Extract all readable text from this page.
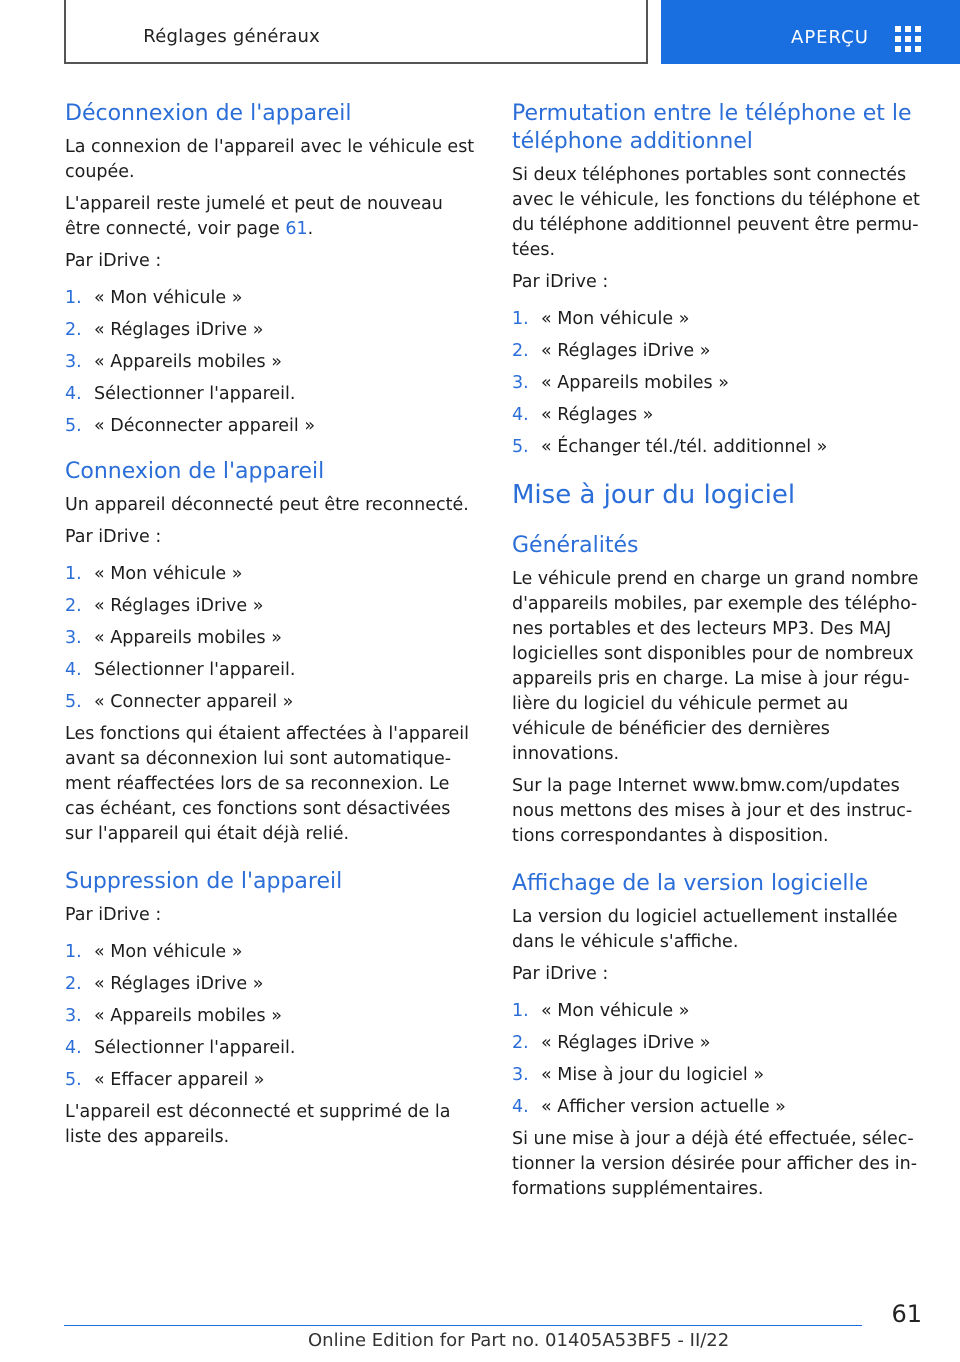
Réglages généraux	APERÇU
Déconnexion de l'appareil

La connexion de l'appareil avec le véhicule est coupée.

L'appareil reste jumelé et peut de nouveau être connecté, voir page 61.

Par iDrive :

1. « Mon véhicule »
2. « Réglages iDrive »
3. « Appareils mobiles »
4. Sélectionner l'appareil.
5. « Déconnecter appareil »
Connexion de l'appareil

Un appareil déconnecté peut être reconnecté.

Par iDrive :

1. « Mon véhicule »
2. « Réglages iDrive »
3. « Appareils mobiles »
4. Sélectionner l'appareil.
5. « Connecter appareil »

Les fonctions qui étaient affectées à l'appareil avant sa déconnexion lui sont automatiquement réaffectées lors de sa reconnexion. Le cas échéant, ces fonctions sont désactivées sur l'appareil qui était déjà relié.

Suppression de l'appareil

Par iDrive :

1. « Mon véhicule »
2. « Réglages iDrive »
3. « Appareils mobiles »
4. Sélectionner l'appareil.
5. « Effacer appareil »

L'appareil est déconnecté et supprimé de la liste des appareils.

Permutation entre le téléphone et le téléphone additionnel

Si deux téléphones portables sont connectés avec le véhicule, les fonctions du téléphone et du téléphone additionnel peuvent être permutées.

Par iDrive :

1. « Mon véhicule »
2. « Réglages iDrive »
3. « Appareils mobiles »
4. « Réglages »
5. « Échanger tél./tél. additionnel »
Mise à jour du logiciel
Généralités

Le véhicule prend en charge un grand nombre d'appareils mobiles, par exemple des téléphones portables et des lecteurs MP3. Des MAJ logicielles sont disponibles pour de nombreux appareils pris en charge. La mise à jour régulière du logiciel du véhicule permet au véhicule de bénéficier des dernières innovations.

Sur la page Internet www.bmw.com/updates nous mettons des mises à jour et des instructions correspondantes à disposition.

Affichage de la version logicielle

La version du logiciel actuellement installée dans le véhicule s'affiche.

Par iDrive :

1. « Mon véhicule »
2. « Réglages iDrive »
3. « Mise à jour du logiciel »
4. « Afficher version actuelle »

Si une mise à jour a déjà été effectuée, sélectionner la version désirée pour afficher des informations supplémentaires.

61
Online Edition for Part no. 01405A53BF5 - II/22
